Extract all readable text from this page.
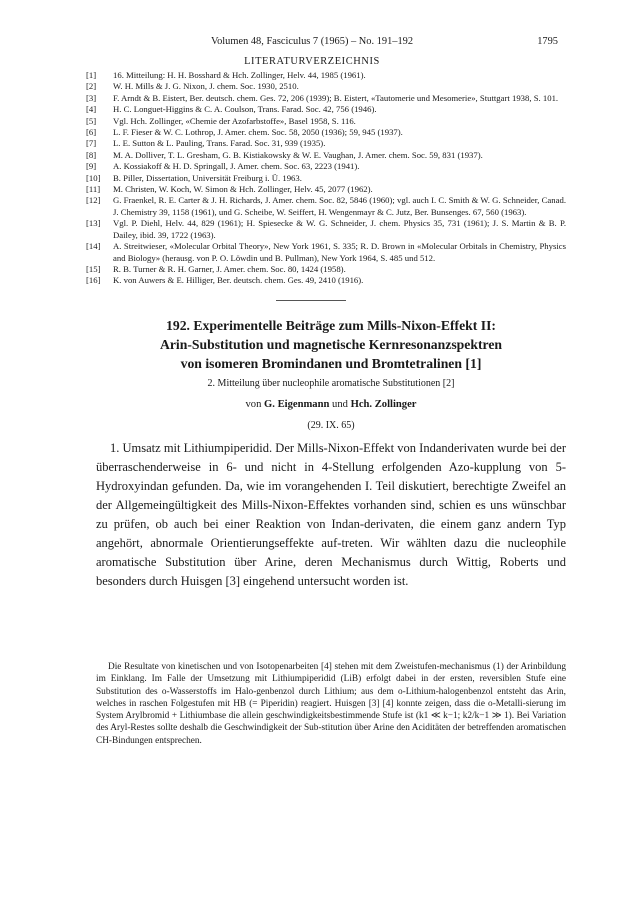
Volumen 48, Fasciculus 7 (1965) – No. 191–192	1795
LITERATURVERZEICHNIS
[1]	16. Mitteilung: H. H. Bosshard & Hch. Zollinger, Helv. 44, 1985 (1961).
[2]	W. H. Mills & J. G. Nixon, J. chem. Soc. 1930, 2510.
[3]	F. Arndt & B. Eistert, Ber. deutsch. chem. Ges. 72, 206 (1939); B. Eistert, «Tautomerie und Mesomerie», Stuttgart 1938, S. 101.
[4]	H. C. Longuet-Higgins & C. A. Coulson, Trans. Farad. Soc. 42, 756 (1946).
[5]	Vgl. Hch. Zollinger, «Chemie der Azofarbstoffe», Basel 1958, S. 116.
[6]	L. F. Fieser & W. C. Lothrop, J. Amer. chem. Soc. 58, 2050 (1936); 59, 945 (1937).
[7]	L. E. Sutton & L. Pauling, Trans. Farad. Soc. 31, 939 (1935).
[8]	M. A. Dolliver, T. L. Gresham, G. B. Kistiakowsky & W. E. Vaughan, J. Amer. chem. Soc. 59, 831 (1937).
[9]	A. Kossiakoff & H. D. Springall, J. Amer. chem. Soc. 63, 2223 (1941).
[10]	B. Piller, Dissertation, Universität Freiburg i. Ü. 1963.
[11]	M. Christen, W. Koch, W. Simon & Hch. Zollinger, Helv. 45, 2077 (1962).
[12]	G. Fraenkel, R. E. Carter & J. H. Richards, J. Amer. chem. Soc. 82, 5846 (1960); vgl. auch I. C. Smith & W. G. Schneider, Canad. J. Chemistry 39, 1158 (1961), und G. Scheibe, W. Seiffert, H. Wengenmayr & C. Jutz, Ber. Bunsenges. 67, 560 (1963).
[13]	Vgl. P. Diehl, Helv. 44, 829 (1961); H. Spiesecke & W. G. Schneider, J. chem. Physics 35, 731 (1961); J. S. Martin & B. P. Dailey, ibid. 39, 1722 (1963).
[14]	A. Streitwieser, «Molecular Orbital Theory», New York 1961, S. 335; R. D. Brown in «Molecular Orbitals in Chemistry, Physics and Biology» (herausg. von P. O. Löwdin und B. Pullman), New York 1964, S. 485 und 512.
[15]	R. B. Turner & R. H. Garner, J. Amer. chem. Soc. 80, 1424 (1958).
[16]	K. von Auwers & E. Hilliger, Ber. deutsch. chem. Ges. 49, 2410 (1916).
192. Experimentelle Beiträge zum Mills-Nixon-Effekt II:
Arin-Substitution und magnetische Kernresonanzspektren
von isomeren Bromindanen und Bromtetralinen [1]
2. Mitteilung über nucleophile aromatische Substitutionen [2]
von G. Eigenmann und Hch. Zollinger
(29. IX. 65)

1. Umsatz mit Lithiumpiperidid. Der Mills-Nixon-Effekt von Indanderivaten wurde bei der überraschenderweise in 6- und nicht in 4-Stellung erfolgenden Azo-kupplung von 5-Hydroxyindan gefunden. Da, wie im vorangehenden I. Teil diskutiert, berechtigte Zweifel an der Allgemeingültigkeit des Mills-Nixon-Effektes vorhanden sind, schien es uns wünschbar zu prüfen, ob auch bei einer Reaktion von Indan-derivaten, die einem ganz andern Typ angehört, abnormale Orientierungseffekte auf-treten. Wir wählten dazu die nucleophile aromatische Substitution über Arine, deren Mechanismus durch Wittig, Roberts und besonders durch Huisgen [3] eingehend untersucht worden ist.

Die Resultate von kinetischen und von Isotopenarbeiten [4] stehen mit dem Zweistufen-mechanismus (1) der Arinbildung im Einklang. Im Falle der Umsetzung mit Lithiumpiperidid (LiB) erfolgt dabei in der ersten, reversiblen Stufe eine Substitution des o-Wasserstoffs im Halo-genbenzol durch Lithium; aus dem o-Lithium-halogenbenzol entsteht das Arin, welches in raschen Folgestufen mit HB (= Piperidin) reagiert. Huisgen [3] [4] konnte zeigen, dass die o-Metalli-sierung im System Arylbromid + Lithiumbase die allein geschwindigkeitsbestimmende Stufe ist (k1 ≪ k−1; k2/k−1 ≫ 1). Bei Variation des Aryl-Restes sollte deshalb die Geschwindigkeit der Sub-stitution über Arine den Aciditäten der betreffenden aromatischen CH-Bindungen entsprechen.
